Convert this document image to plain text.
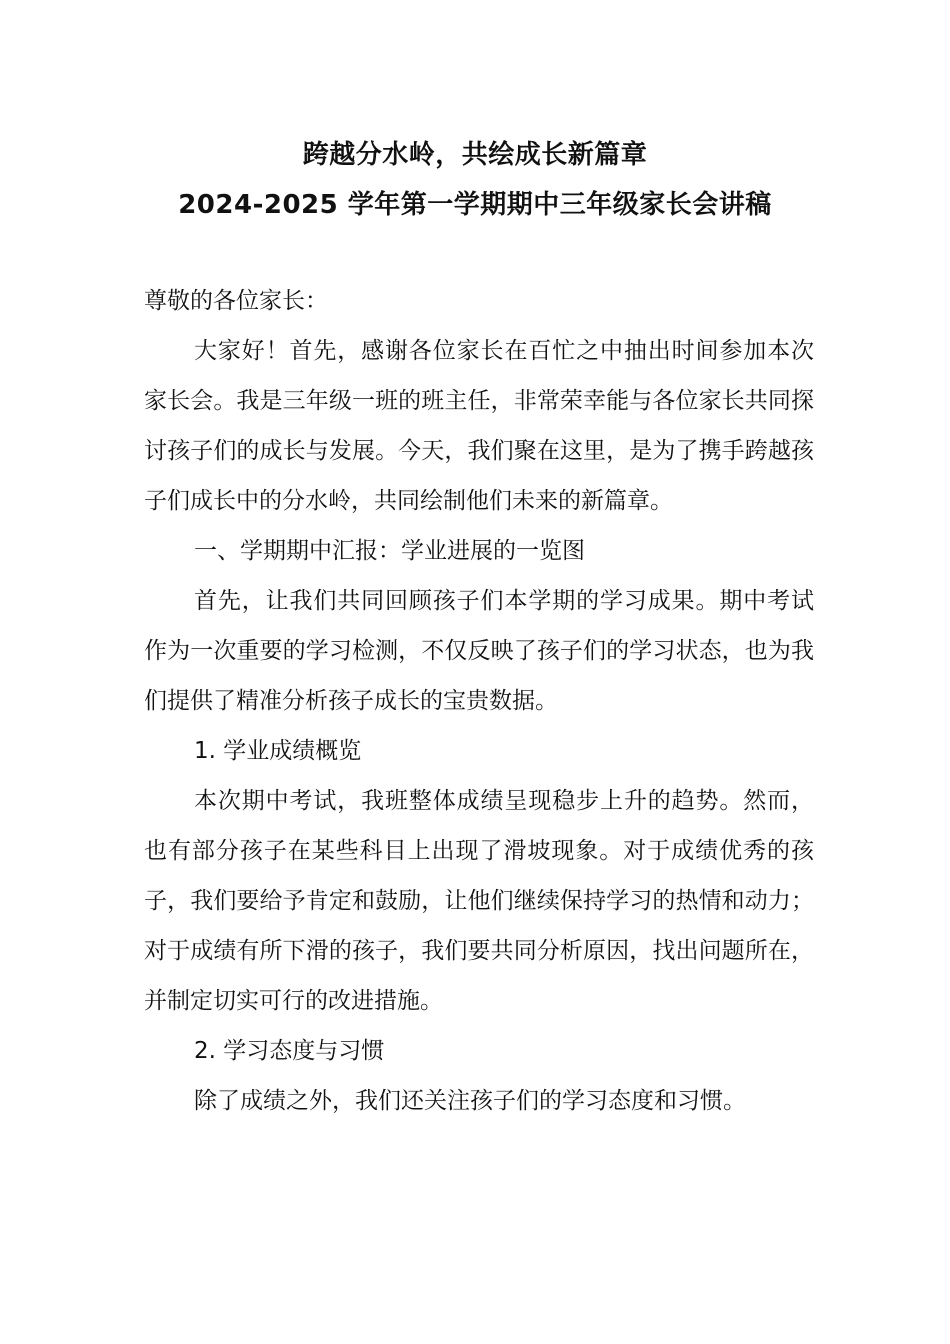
跨越分水岭，共绘成长新篇章

2024-2025 学年第一学期期中三年级家长会讲稿

尊敬的各位家长：

大家好！首先，感谢各位家长在百忙之中抽出时间参加本次家长会。我是三年级一班的班主任，非常荣幸能与各位家长共同探讨孩子们的成长与发展。今天，我们聚在这里，是为了携手跨越孩子们成长中的分水岭，共同绘制他们未来的新篇章。

一、学期期中汇报：学业进展的一览图

首先，让我们共同回顾孩子们本学期的学习成果。期中考试作为一次重要的学习检测，不仅反映了孩子们的学习状态，也为我们提供了精准分析孩子成长的宝贵数据。

1. 学业成绩概览

本次期中考试，我班整体成绩呈现稳步上升的趋势。然而，也有部分孩子在某些科目上出现了滑坡现象。对于成绩优秀的孩子，我们要给予肯定和鼓励，让他们继续保持学习的热情和动力；对于成绩有所下滑的孩子，我们要共同分析原因，找出问题所在，并制定切实可行的改进措施。

2. 学习态度与习惯

除了成绩之外，我们还关注孩子们的学习态度和习惯。
